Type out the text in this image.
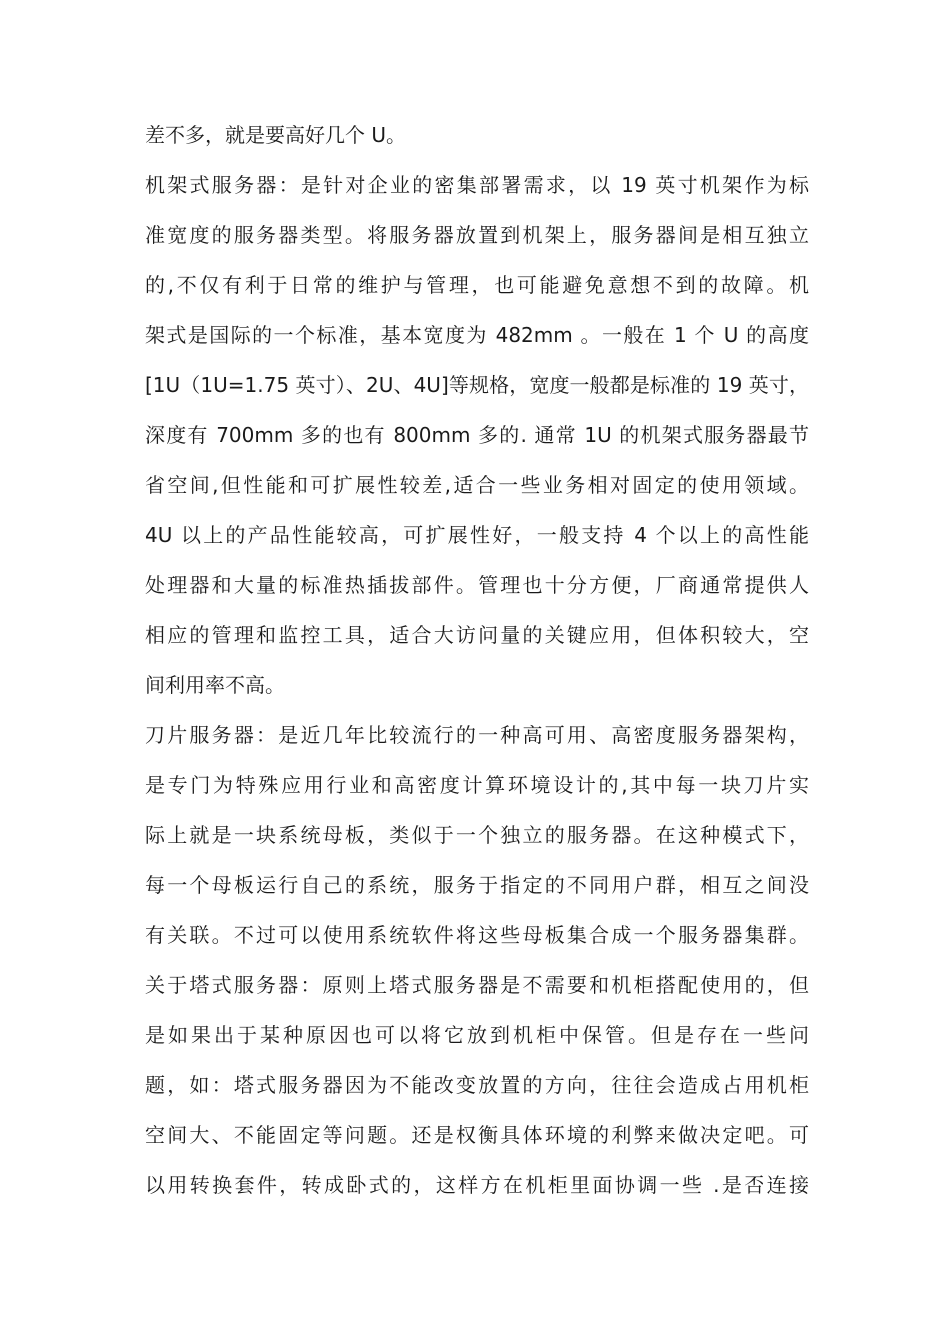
差不多，就是要高好几个 U。
机架式服务器：是针对企业的密集部署需求，以 19 英寸机架作为标
准宽度的服务器类型。将服务器放置到机架上，服务器间是相互独立
的,不仅有利于日常的维护与管理，也可能避免意想不到的故障。机
架式是国际的一个标准，基本宽度为 482mm 。一般在 1 个 U 的高度
[1U（1U=1.75 英寸）、2U、4U]等规格，宽度一般都是标准的 19 英寸，
深度有 700mm 多的也有 800mm 多的. 通常 1U 的机架式服务器最节
省空间,但性能和可扩展性较差,适合一些业务相对固定的使用领域。
4U 以上的产品性能较高，可扩展性好，一般支持 4 个以上的高性能
处理器和大量的标准热插拔部件。管理也十分方便，厂商通常提供人
相应的管理和监控工具，适合大访问量的关键应用，但体积较大，空
间利用率不高。
刀片服务器：是近几年比较流行的一种高可用、高密度服务器架构，
是专门为特殊应用行业和高密度计算环境设计的,其中每一块刀片实
际上就是一块系统母板，类似于一个独立的服务器。在这种模式下，
每一个母板运行自己的系统，服务于指定的不同用户群，相互之间没
有关联。不过可以使用系统软件将这些母板集合成一个服务器集群。
关于塔式服务器：原则上塔式服务器是不需要和机柜搭配使用的，但
是如果出于某种原因也可以将它放到机柜中保管。但是存在一些问
题，如：塔式服务器因为不能改变放置的方向，往往会造成占用机柜
空间大、不能固定等问题。还是权衡具体环境的利弊来做决定吧。可
以用转换套件，转成卧式的，这样方在机柜里面协调一些 .是否连接
